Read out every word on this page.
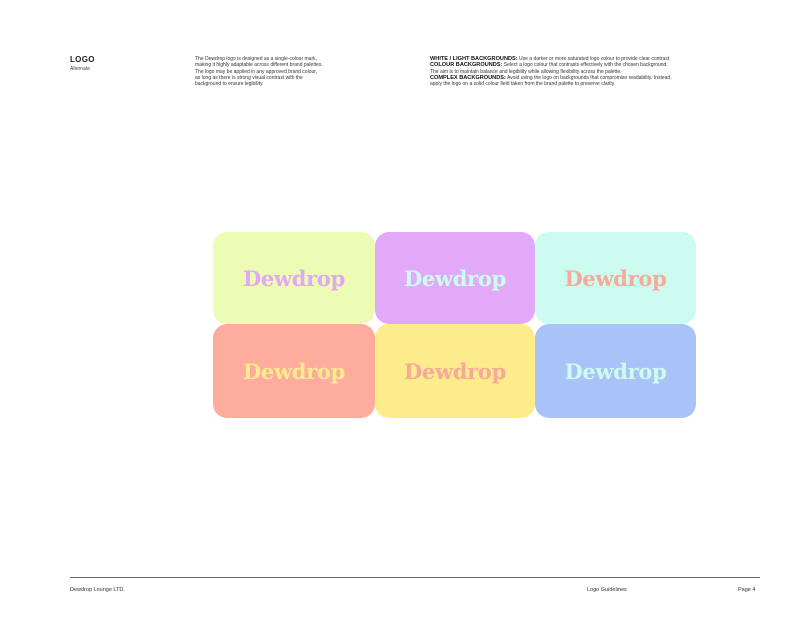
LOGO
Alternate
The Dewdrop logo is designed as a single-colour mark,
making it highly adaptable across different brand palettes.
The logo may be applied in any approved brand colour,
as long as there is strong visual contrast with the
background to ensure legibility.
WHITE / LIGHT BACKGROUNDS: Use a darker or more saturated logo colour to provide clear contrast.
COLOUR BACKGROUNDS: Select a logo colour that contrasts effectively with the chosen background.
The aim is to maintain balance and legibility while allowing flexibility across the palette.
COMPLEX BACKGROUNDS: Avoid using the logo on backgrounds that compromise readability. Instead,
apply the logo on a solid colour field taken from the brand palette to preserve clarity.
Dewdrop	Dewdrop	Dewdrop
Dewdrop	Dewdrop	Dewdrop
Dewdrop Lounge LTD.	Logo Guidelines	Page 4
